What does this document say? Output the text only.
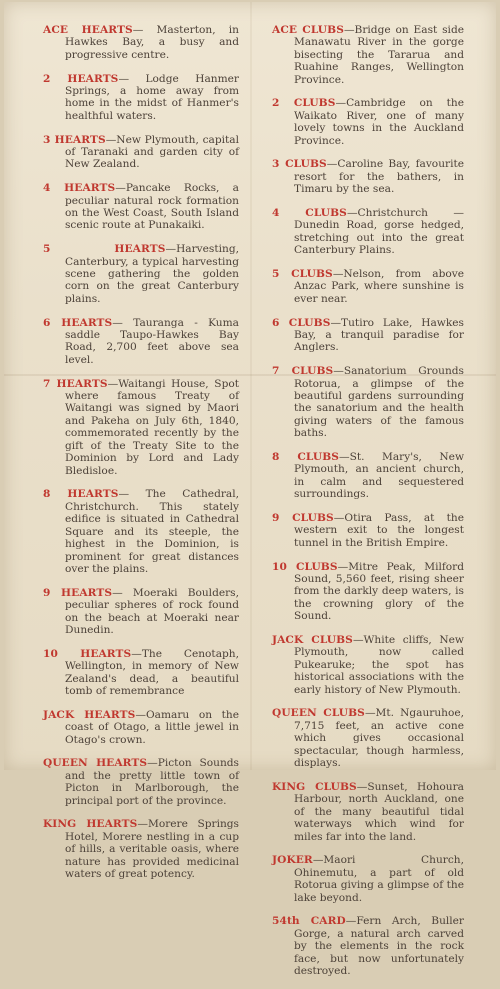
ACE HEARTS— Masterton, in Hawkes Bay, a busy and progressive centre.

2 HEARTS— Lodge Hanmer Springs, a home away from home in the midst of Hanmer's healthful waters.

3 HEARTS—New Plymouth, capital of Taranaki and garden city of New Zealand.

4 HEARTS—Pancake Rocks, a peculiar natural rock formation on the West Coast, South Island scenic route at Punakaiki.

5 HEARTS—Harvesting, Canterbury, a typical harvesting scene gathering the golden corn on the great Canterbury plains.

6 HEARTS— Tauranga - Kuma saddle Taupo-Hawkes Bay Road, 2,700 feet above sea level.

7 HEARTS—Waitangi House, Spot where famous Treaty of Waitangi was signed by Maori and Pakeha on July 6th, 1840, commemorated recently by the gift of the Treaty Site to the Dominion by Lord and Lady Bledisloe.

8 HEARTS— The Cathedral, Christchurch. This stately edifice is situated in Cathedral Square and its steeple, the highest in the Dominion, is prominent for great distances over the plains.

9 HEARTS— Moeraki Boulders, peculiar spheres of rock found on the beach at Moeraki near Dunedin.

10 HEARTS—The Cenotaph, Wellington, in memory of New Zealand's dead, a beautiful tomb of remembrance

JACK HEARTS—Oamaru on the coast of Otago, a little jewel in Otago's crown.

QUEEN HEARTS—Picton Sounds and the pretty little town of Picton in Marlborough, the principal port of the province.

KING HEARTS—Morere Springs Hotel, Morere nestling in a cup of hills, a veritable oasis, where nature has provided medicinal waters of great potency.

ACE CLUBS—Bridge on East side Manawatu River in the gorge bisecting the Tararua and Ruahine Ranges, Wellington Province.

2 CLUBS—Cambridge on the Waikato River, one of many lovely towns in the Auckland Province.

3 CLUBS—Caroline Bay, favourite resort for the bathers, in Timaru by the sea.

4 CLUBS—Christchurch — Dunedin Road, gorse hedged, stretching out into the great Canterbury Plains.

5 CLUBS—Nelson, from above Anzac Park, where sunshine is ever near.

6 CLUBS—Tutiro Lake, Hawkes Bay, a tranquil paradise for Anglers.

7 CLUBS—Sanatorium Grounds Rotorua, a glimpse of the beautiful gardens surrounding the sanatorium and the health giving waters of the famous baths.

8 CLUBS—St. Mary's, New Plymouth, an ancient church, in calm and sequestered surroundings.

9 CLUBS—Otira Pass, at the western exit to the longest tunnel in the British Empire.

10 CLUBS—Mitre Peak, Milford Sound, 5,560 feet, rising sheer from the darkly deep waters, is the crowning glory of the Sound.

JACK CLUBS—White cliffs, New Plymouth, now called Pukearuke; the spot has historical associations with the early history of New Plymouth.

QUEEN CLUBS—Mt. Ngauruhoe, 7,715 feet, an active cone which gives occasional spectacular, though harmless, displays.

KING CLUBS—Sunset, Hohoura Harbour, north Auckland, one of the many beautiful tidal waterways which wind for miles far into the land.

JOKER—Maori Church, Ohinemutu, a part of old Rotorua giving a glimpse of the lake beyond.

54th CARD—Fern Arch, Buller Gorge, a natural arch carved by the elements in the rock face, but now unfortunately destroyed.
